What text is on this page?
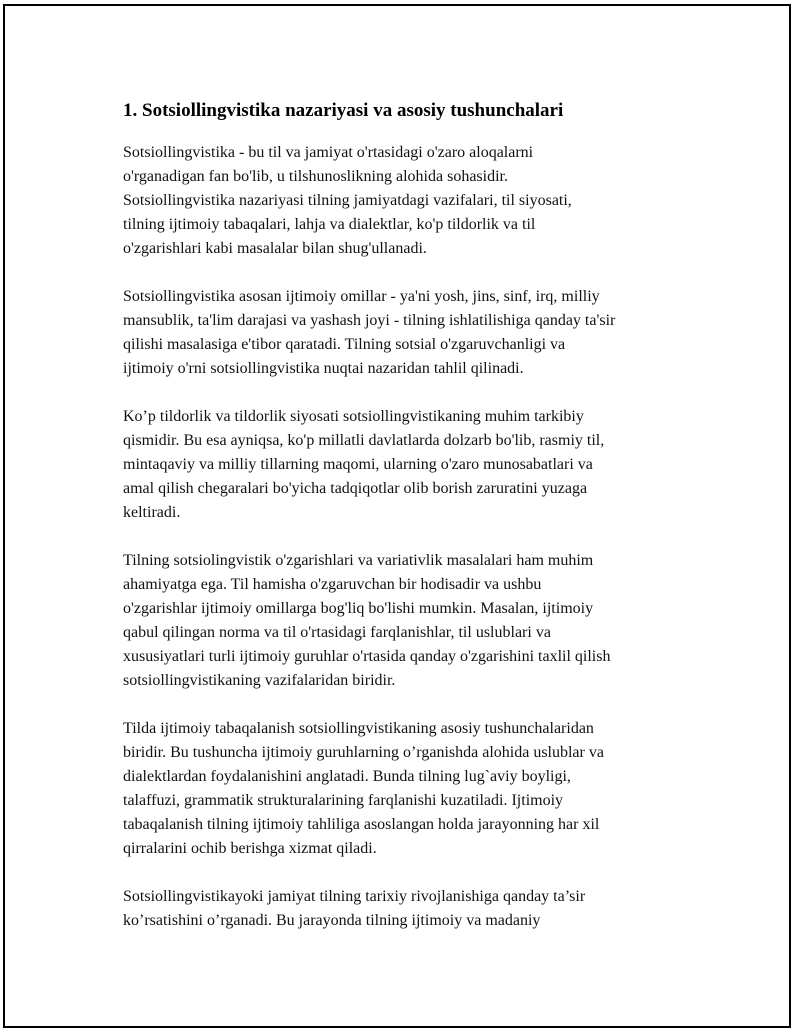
1. Sotsiollingvistika nazariyasi va asosiy tushunchalari

Sotsiollingvistika - bu til va jamiyat o'rtasidagi o'zaro aloqalarni
o'rganadigan fan bo'lib, u tilshunoslikning alohida sohasidir.
Sotsiollingvistika nazariyasi tilning jamiyatdagi vazifalari, til siyosati,
tilning ijtimoiy tabaqalari, lahja va dialektlar, ko'p tildorlik va til
o'zgarishlari kabi masalalar bilan shug'ullanadi.

Sotsiollingvistika asosan ijtimoiy omillar - ya'ni yosh, jins, sinf, irq, milliy
mansublik, ta'lim darajasi va yashash joyi - tilning ishlatilishiga qanday ta'sir
qilishi masalasiga e'tibor qaratadi. Tilning sotsial o'zgaruvchanligi va
ijtimoiy o'rni sotsiollingvistika nuqtai nazaridan tahlil qilinadi.

Ko’p tildorlik va tildorlik siyosati sotsiollingvistikaning muhim tarkibiy
qismidir. Bu esa ayniqsa, ko'p millatli davlatlarda dolzarb bo'lib, rasmiy til,
mintaqaviy va milliy tillarning maqomi, ularning o'zaro munosabatlari va
amal qilish chegaralari bo'yicha tadqiqotlar olib borish zaruratini yuzaga
keltiradi.

Tilning sotsiolingvistik o'zgarishlari va variativlik masalalari ham muhim
ahamiyatga ega. Til hamisha o'zgaruvchan bir hodisadir va ushbu
o'zgarishlar ijtimoiy omillarga bog'liq bo'lishi mumkin. Masalan, ijtimoiy
qabul qilingan norma va til o'rtasidagi farqlanishlar, til uslublari va
xususiyatlari turli ijtimoiy guruhlar o'rtasida qanday o'zgarishini taxlil qilish
sotsiollingvistikaning vazifalaridan biridir.

Tilda ijtimoiy tabaqalanish sotsiollingvistikaning asosiy tushunchalaridan
biridir. Bu tushuncha ijtimoiy guruhlarning o’rganishda alohida uslublar va
dialektlardan foydalanishini anglatadi. Bunda tilning lug`aviy boyligi,
talaffuzi, grammatik strukturalarining farqlanishi kuzatiladi. Ijtimoiy
tabaqalanish tilning ijtimoiy tahliliga asoslangan holda jarayonning har xil
qirralarini ochib berishga xizmat qiladi.

Sotsiollingvistikayoki jamiyat tilning tarixiy rivojlanishiga qanday ta’sir
ko’rsatishini o’rganadi. Bu jarayonda tilning ijtimoiy va madaniy
